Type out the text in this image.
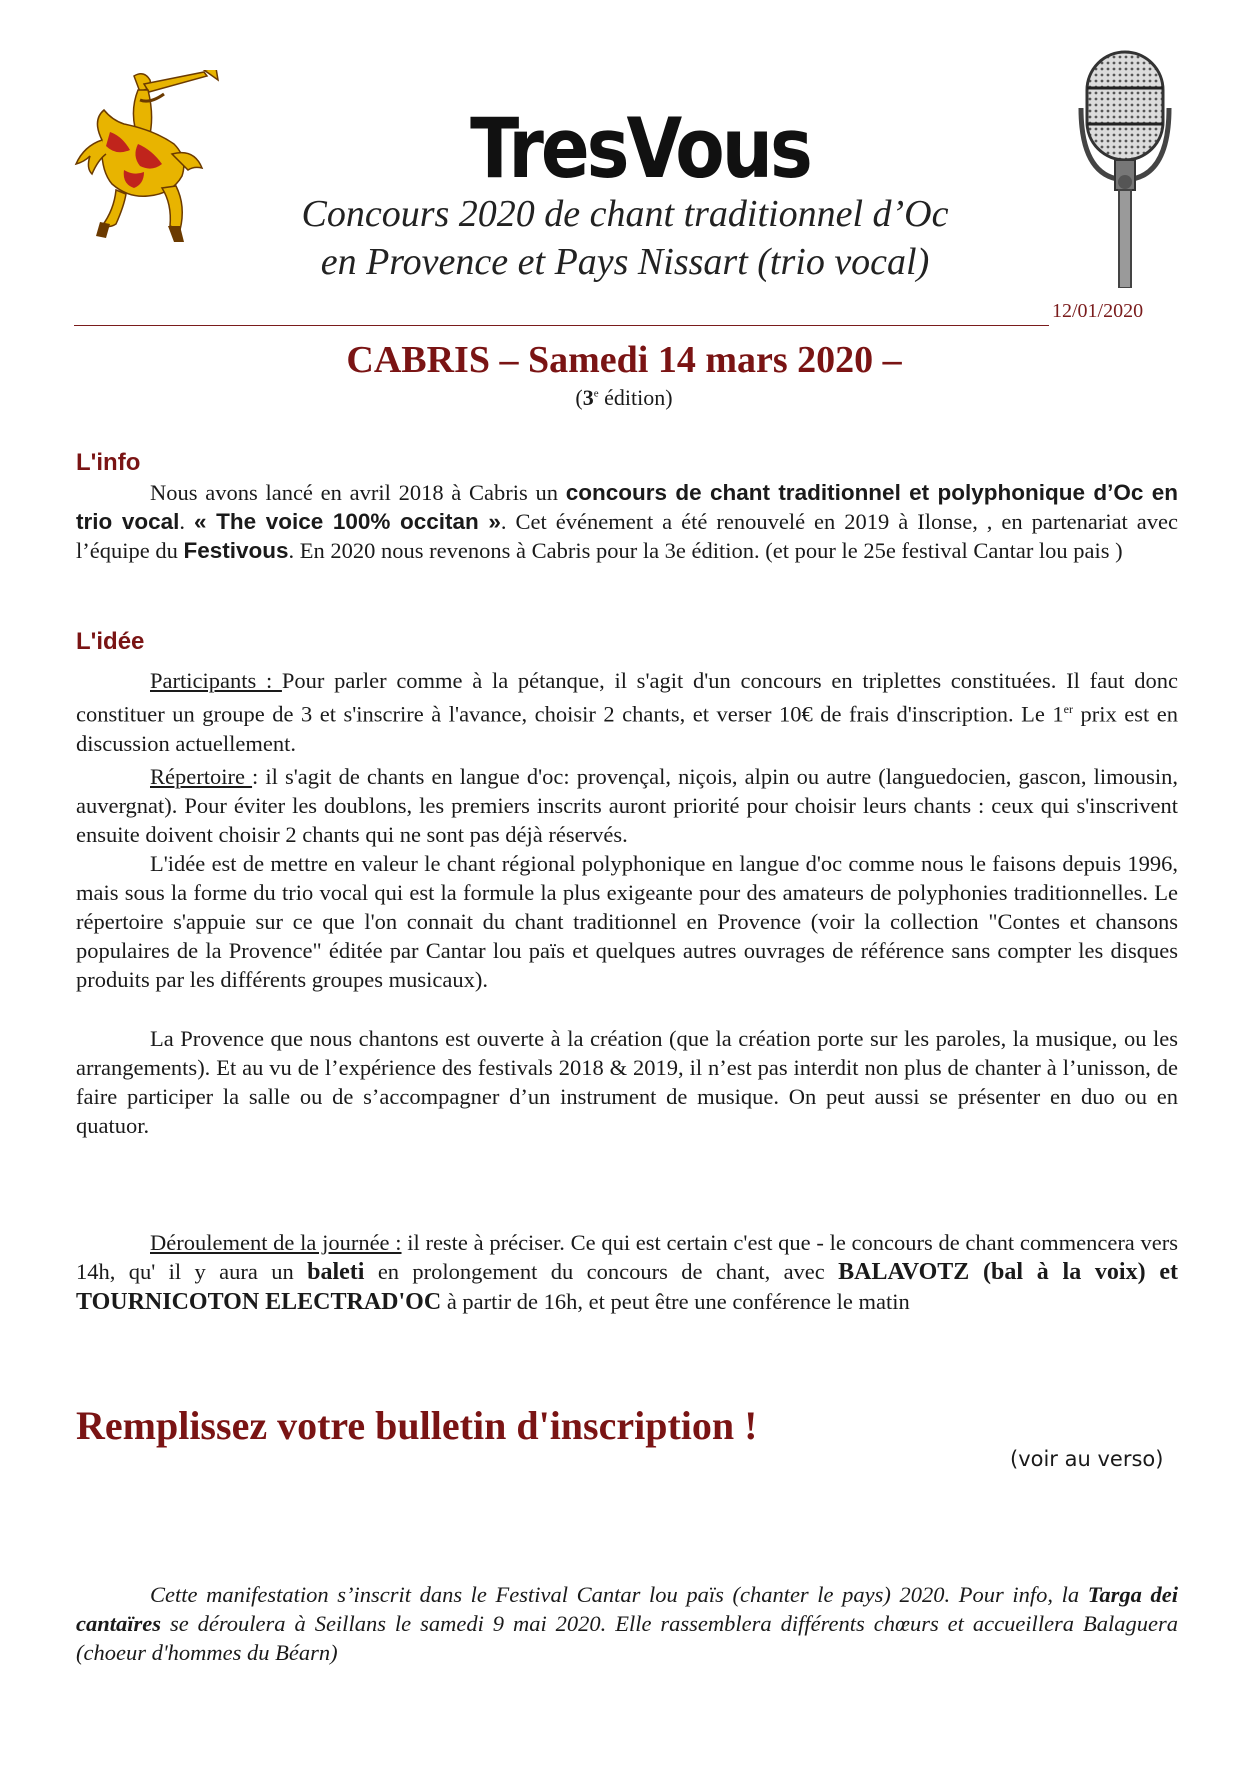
TresVous
Concours 2020 de chant traditionnel d’Oc
en Provence et Pays Nissart (trio vocal)
12/01/2020
CABRIS – Samedi 14 mars 2020 –
(3e édition)
L'info
Nous avons lancé en avril 2018 à Cabris un concours de chant traditionnel et polyphonique d’Oc en trio vocal. « The voice 100% occitan ». Cet événement a été renouvelé en 2019 à Ilonse, , en partenariat avec l’équipe du Festivous. En 2020 nous revenons à Cabris pour la 3e édition. (et pour le 25e festival Cantar lou pais )
L'idée
Participants : Pour parler comme à la pétanque, il s'agit d'un concours en triplettes constituées. Il faut donc constituer un groupe de 3 et s'inscrire à l'avance, choisir 2 chants, et verser 10€ de frais d'inscription. Le 1er prix est en discussion actuellement.
Répertoire : il s'agit de chants en langue d'oc: provençal, niçois, alpin ou autre (languedocien, gascon, limousin, auvergnat). Pour éviter les doublons, les premiers inscrits auront priorité pour choisir leurs chants : ceux qui s'inscrivent ensuite doivent choisir 2 chants qui ne sont pas déjà réservés.
L'idée est de mettre en valeur le chant régional polyphonique en langue d'oc comme nous le faisons depuis 1996, mais sous la forme du trio vocal qui est la formule la plus exigeante pour des amateurs de polyphonies traditionnelles. Le répertoire s'appuie sur ce que l'on connait du chant traditionnel en Provence (voir la collection "Contes et chansons populaires de la Provence" éditée par Cantar lou païs et quelques autres ouvrages de référence sans compter les disques produits par les différents groupes musicaux).
La Provence que nous chantons est ouverte à la création (que la création porte sur les paroles, la musique, ou les arrangements). Et au vu de l’expérience des festivals 2018 & 2019, il n’est pas interdit non plus de chanter à l’unisson, de faire participer la salle ou de s’accompagner d’un instrument de musique. On peut aussi se présenter en duo ou en quatuor.
Déroulement de la journée : il reste à préciser. Ce qui est certain c'est que - le concours de chant commencera vers 14h, qu' il y aura un baleti en prolongement du concours de chant, avec BALAVOTZ (bal à la voix) et TOURNICOTON ELECTRAD'OC à partir de 16h, et peut être une conférence le matin
Remplissez votre bulletin d'inscription !
(voir au verso)
Cette manifestation s’inscrit dans le Festival Cantar lou païs (chanter le pays) 2020. Pour info, la Targa dei cantaïres se déroulera à Seillans le samedi 9 mai 2020. Elle rassemblera différents chœurs et accueillera Balaguera (choeur d'hommes du Béarn)
